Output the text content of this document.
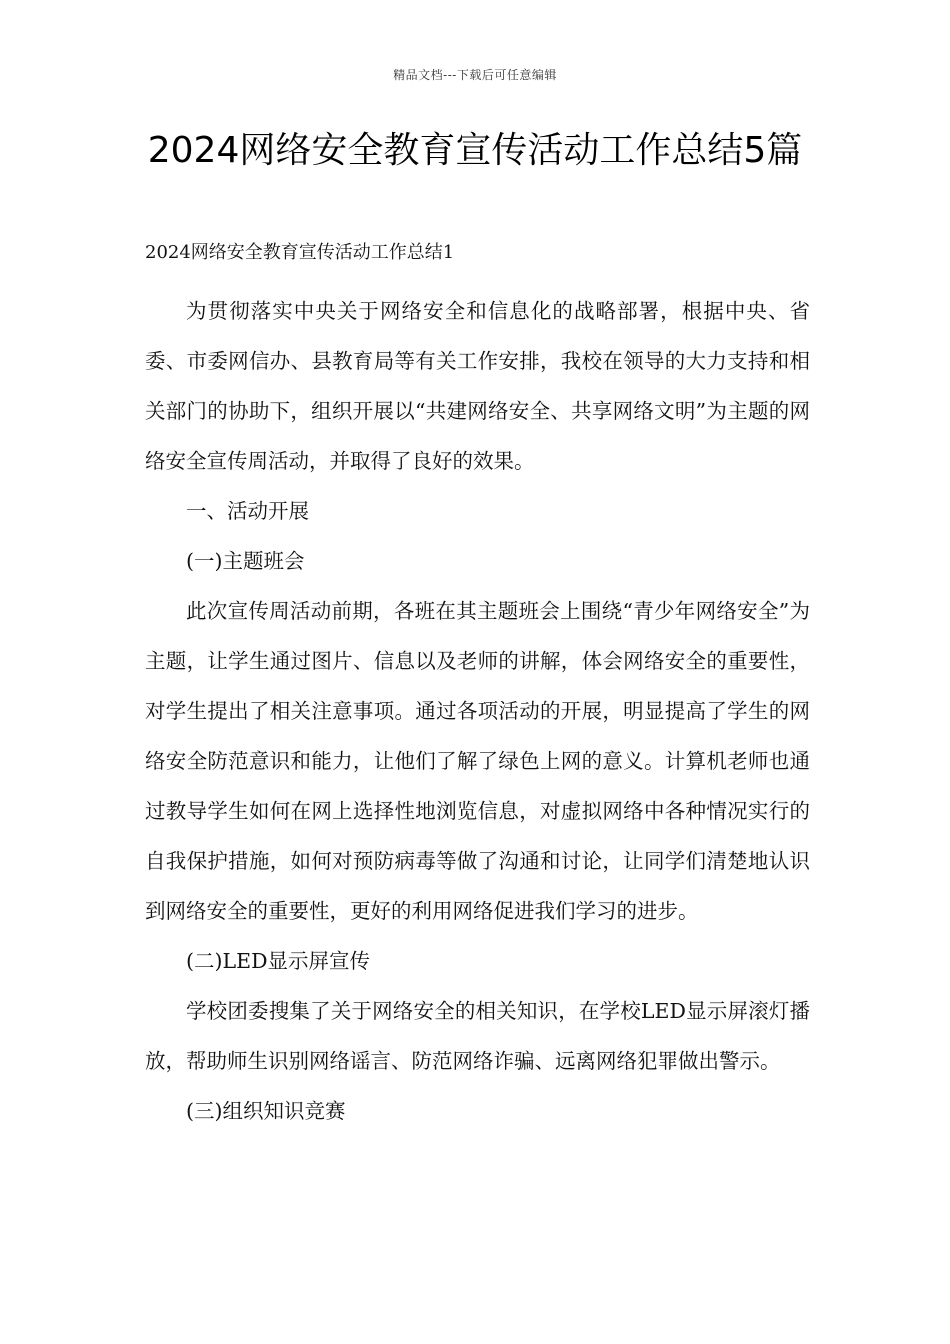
精品文档---下载后可任意编辑
2024网络安全教育宣传活动工作总结5篇
2024网络安全教育宣传活动工作总结1

为贯彻落实中央关于网络安全和信息化的战略部署，根据中央、省委、市委网信办、县教育局等有关工作安排，我校在领导的大力支持和相关部门的协助下，组织开展以“共建网络安全、共享网络文明”为主题的网络安全宣传周活动，并取得了良好的效果。

一、活动开展

(一)主题班会

此次宣传周活动前期，各班在其主题班会上围绕“青少年网络安全”为主题，让学生通过图片、信息以及老师的讲解，体会网络安全的重要性，对学生提出了相关注意事项。通过各项活动的开展，明显提高了学生的网络安全防范意识和能力，让他们了解了绿色上网的意义。计算机老师也通过教导学生如何在网上选择性地浏览信息，对虚拟网络中各种情况实行的自我保护措施，如何对预防病毒等做了沟通和讨论，让同学们清楚地认识到网络安全的重要性，更好的利用网络促进我们学习的进步。

(二)LED显示屏宣传

学校团委搜集了关于网络安全的相关知识，在学校LED显示屏滚灯播放，帮助师生识别网络谣言、防范网络诈骗、远离网络犯罪做出警示。

(三)组织知识竞赛
